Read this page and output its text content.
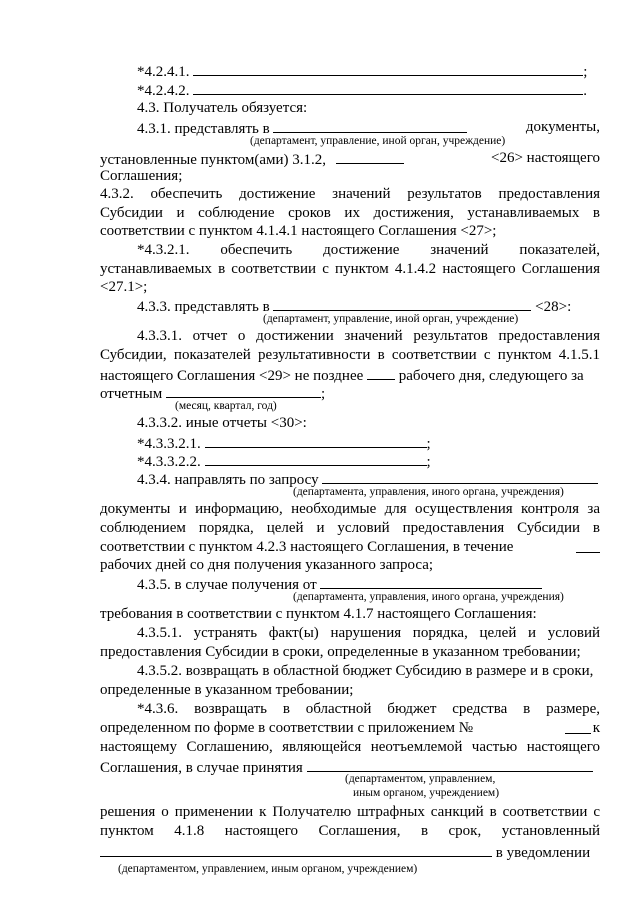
*4.2.4.1.	;
*4.2.4.2.	.
4.3. Получатель обязуется:
4.3.1. представлять в	документы,
(департамент, управление, иной орган, учреждение)
установленные пунктом(ами) 3.1.2,	<26> настоящего
Соглашения;
4.3.2. обеспечить достижение значений результатов предоставления
Субсидии и соблюдение сроков их достижения, устанавливаемых в
соответствии с пунктом 4.1.4.1 настоящего Соглашения <27>;
*4.3.2.1. обеспечить достижение значений показателей,
устанавливаемых в соответствии с пунктом 4.1.4.2 настоящего Соглашения
<27.1>;
4.3.3. представлять в	<28>:
(департамент, управление, иной орган, учреждение)
4.3.3.1. отчет о достижении значений результатов предоставления
Субсидии, показателей результативности в соответствии с пунктом 4.1.5.1
настоящего Соглашения <29> не позднее рабочего дня, следующего за
отчетным	;
(месяц, квартал, год)
4.3.3.2. иные отчеты <30>:
*4.3.3.2.1.	;
*4.3.3.2.2.	;
4.3.4. направлять по запросу
(департамента, управления, иного органа, учреждения)
документы и информацию, необходимые для осуществления контроля за
соблюдением порядка, целей и условий предоставления Субсидии в
соответствии с пунктом 4.2.3 настоящего Соглашения, в течение
рабочих дней со дня получения указанного запроса;
4.3.5. в случае получения от
(департамента, управления, иного органа, учреждения)
требования в соответствии с пунктом 4.1.7 настоящего Соглашения:
4.3.5.1. устранять факт(ы) нарушения порядка, целей и условий
предоставления Субсидии в сроки, определенные в указанном требовании;
4.3.5.2. возвращать в областной бюджет Субсидию в размере и в сроки,
определенные в указанном требовании;
*4.3.6. возвращать в областной бюджет средства в размере,
определенном по форме в соответствии с приложением №	к
настоящему Соглашению, являющейся неотъемлемой частью настоящего
Соглашения, в случае принятия
(департаментом, управлением,
иным органом, учреждением)
решения о применении к Получателю штрафных санкций в соответствии с
пунктом 4.1.8 настоящего Соглашения, в срок, установленный
в уведомлении
(департаментом, управлением, иным органом, учреждением)
